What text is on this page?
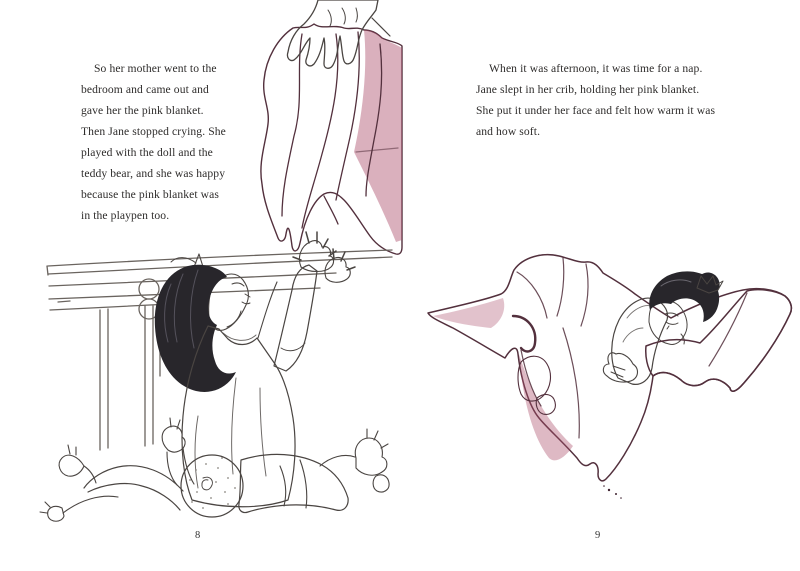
So her mother went to the
bedroom and came out and
gave her the pink blanket.
Then Jane stopped crying. She
played with the doll and the
teddy bear, and she was happy
because the pink blanket was
in the playpen too.
8
When it was afternoon, it was time for a nap.
Jane slept in her crib, holding her pink blanket.
She put it under her face and felt how warm it was
and how soft.
9
